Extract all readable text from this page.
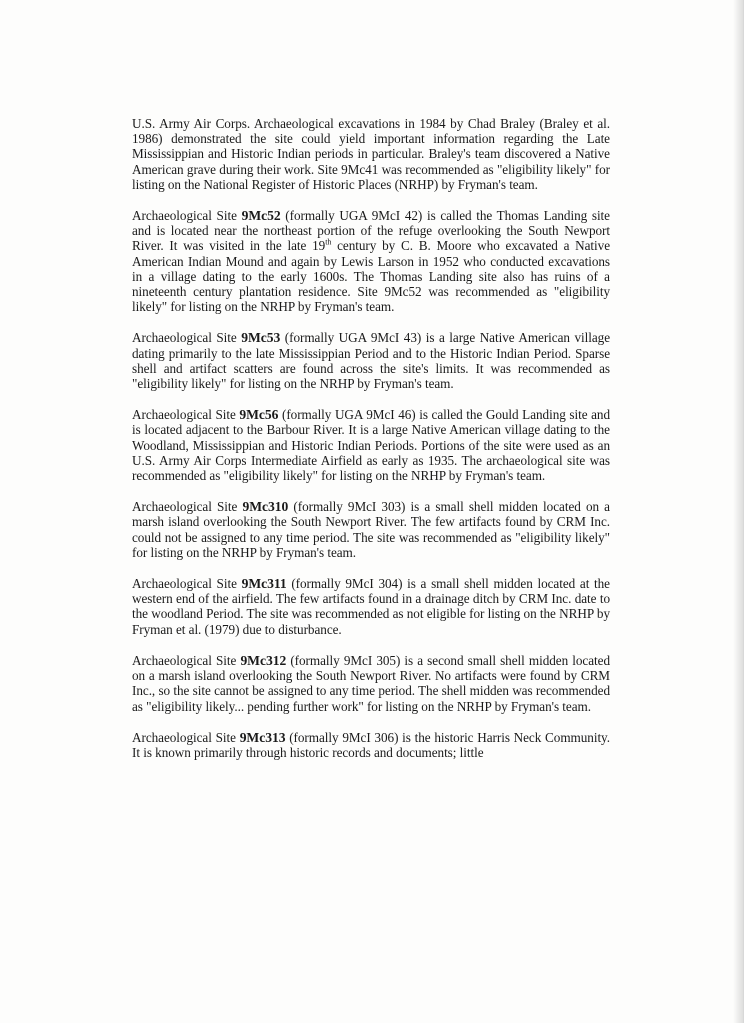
U.S. Army Air Corps. Archaeological excavations in 1984 by Chad Braley (Braley et al. 1986) demonstrated the site could yield important information regarding the Late Mississippian and Historic Indian periods in particular. Braley's team discovered a Native American grave during their work. Site 9Mc41 was recommended as "eligibility likely" for listing on the National Register of Historic Places (NRHP) by Fryman's team.

Archaeological Site 9Mc52 (formally UGA 9McI 42) is called the Thomas Landing site and is located near the northeast portion of the refuge overlooking the South Newport River. It was visited in the late 19th century by C. B. Moore who excavated a Native American Indian Mound and again by Lewis Larson in 1952 who conducted excavations in a village dating to the early 1600s. The Thomas Landing site also has ruins of a nineteenth century plantation residence. Site 9Mc52 was recommended as "eligibility likely" for listing on the NRHP by Fryman's team.

Archaeological Site 9Mc53 (formally UGA 9McI 43) is a large Native American village dating primarily to the late Mississippian Period and to the Historic Indian Period. Sparse shell and artifact scatters are found across the site's limits. It was recommended as "eligibility likely" for listing on the NRHP by Fryman's team.

Archaeological Site 9Mc56 (formally UGA 9McI 46) is called the Gould Landing site and is located adjacent to the Barbour River. It is a large Native American village dating to the Woodland, Mississippian and Historic Indian Periods. Portions of the site were used as an U.S. Army Air Corps Intermediate Airfield as early as 1935. The archaeological site was recommended as "eligibility likely" for listing on the NRHP by Fryman's team.

Archaeological Site 9Mc310 (formally 9McI 303) is a small shell midden located on a marsh island overlooking the South Newport River. The few artifacts found by CRM Inc. could not be assigned to any time period. The site was recommended as "eligibility likely" for listing on the NRHP by Fryman's team.

Archaeological Site 9Mc311 (formally 9McI 304) is a small shell midden located at the western end of the airfield. The few artifacts found in a drainage ditch by CRM Inc. date to the woodland Period. The site was recommended as not eligible for listing on the NRHP by Fryman et al. (1979) due to disturbance.

Archaeological Site 9Mc312 (formally 9McI 305) is a second small shell midden located on a marsh island overlooking the South Newport River. No artifacts were found by CRM Inc., so the site cannot be assigned to any time period. The shell midden was recommended as "eligibility likely... pending further work" for listing on the NRHP by Fryman's team.

Archaeological Site 9Mc313 (formally 9McI 306) is the historic Harris Neck Community. It is known primarily through historic records and documents; little
